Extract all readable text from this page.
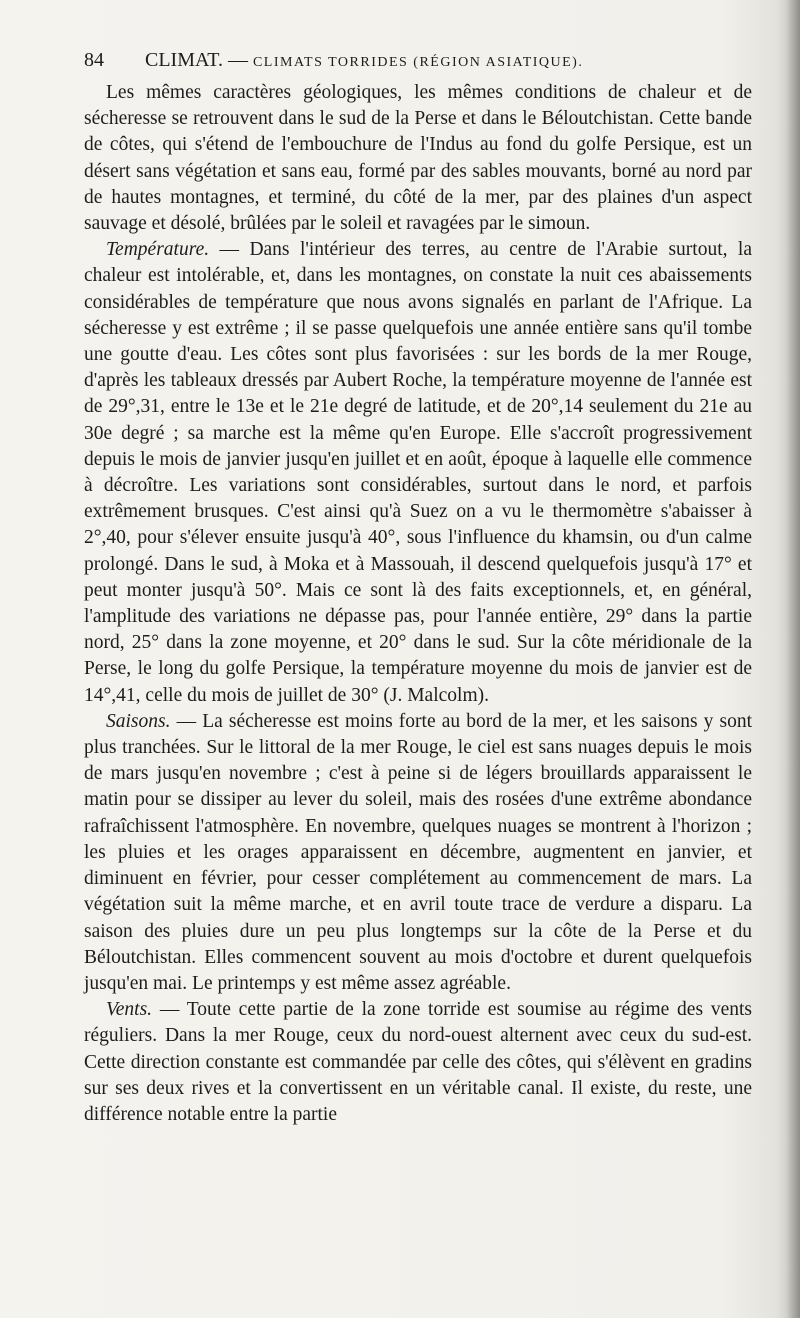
84 CLIMAT. — CLIMATS TORRIDES (RÉGION ASIATIQUE).

Les mêmes caractères géologiques, les mêmes conditions de chaleur et de sécheresse se retrouvent dans le sud de la Perse et dans le Béloutchistan. Cette bande de côtes, qui s'étend de l'embouchure de l'Indus au fond du golfe Persique, est un désert sans végétation et sans eau, formé par des sables mouvants, borné au nord par de hautes montagnes, et terminé, du côté de la mer, par des plaines d'un aspect sauvage et désolé, brûlées par le soleil et ravagées par le simoun.

Température. — Dans l'intérieur des terres, au centre de l'Arabie surtout, la chaleur est intolérable, et, dans les montagnes, on constate la nuit ces abaissements considérables de température que nous avons signalés en parlant de l'Afrique. La sécheresse y est extrême ; il se passe quelquefois une année entière sans qu'il tombe une goutte d'eau. Les côtes sont plus favorisées : sur les bords de la mer Rouge, d'après les tableaux dressés par Aubert Roche, la température moyenne de l'année est de 29°,31, entre le 13e et le 21e degré de latitude, et de 20°,14 seulement du 21e au 30e degré ; sa marche est la même qu'en Europe. Elle s'accroît progressivement depuis le mois de janvier jusqu'en juillet et en août, époque à laquelle elle commence à décroître. Les variations sont considérables, surtout dans le nord, et parfois extrêmement brusques. C'est ainsi qu'à Suez on a vu le thermomètre s'abaisser à 2°,40, pour s'élever ensuite jusqu'à 40°, sous l'influence du khamsin, ou d'un calme prolongé. Dans le sud, à Moka et à Massouah, il descend quelquefois jusqu'à 17° et peut monter jusqu'à 50°. Mais ce sont là des faits exceptionnels, et, en général, l'amplitude des variations ne dépasse pas, pour l'année entière, 29° dans la partie nord, 25° dans la zone moyenne, et 20° dans le sud. Sur la côte méridionale de la Perse, le long du golfe Persique, la température moyenne du mois de janvier est de 14°,41, celle du mois de juillet de 30° (J. Malcolm).

Saisons. — La sécheresse est moins forte au bord de la mer, et les saisons y sont plus tranchées. Sur le littoral de la mer Rouge, le ciel est sans nuages depuis le mois de mars jusqu'en novembre ; c'est à peine si de légers brouillards apparaissent le matin pour se dissiper au lever du soleil, mais des rosées d'une extrême abondance rafraîchissent l'atmosphère. En novembre, quelques nuages se montrent à l'horizon ; les pluies et les orages apparaissent en décembre, augmentent en janvier, et diminuent en février, pour cesser complétement au commencement de mars. La végétation suit la même marche, et en avril toute trace de verdure a disparu. La saison des pluies dure un peu plus longtemps sur la côte de la Perse et du Béloutchistan. Elles commencent souvent au mois d'octobre et durent quelquefois jusqu'en mai. Le printemps y est même assez agréable.

Vents. — Toute cette partie de la zone torride est soumise au régime des vents réguliers. Dans la mer Rouge, ceux du nord-ouest alternent avec ceux du sud-est. Cette direction constante est commandée par celle des côtes, qui s'élèvent en gradins sur ses deux rives et la convertissent en un véritable canal. Il existe, du reste, une différence notable entre la partie
